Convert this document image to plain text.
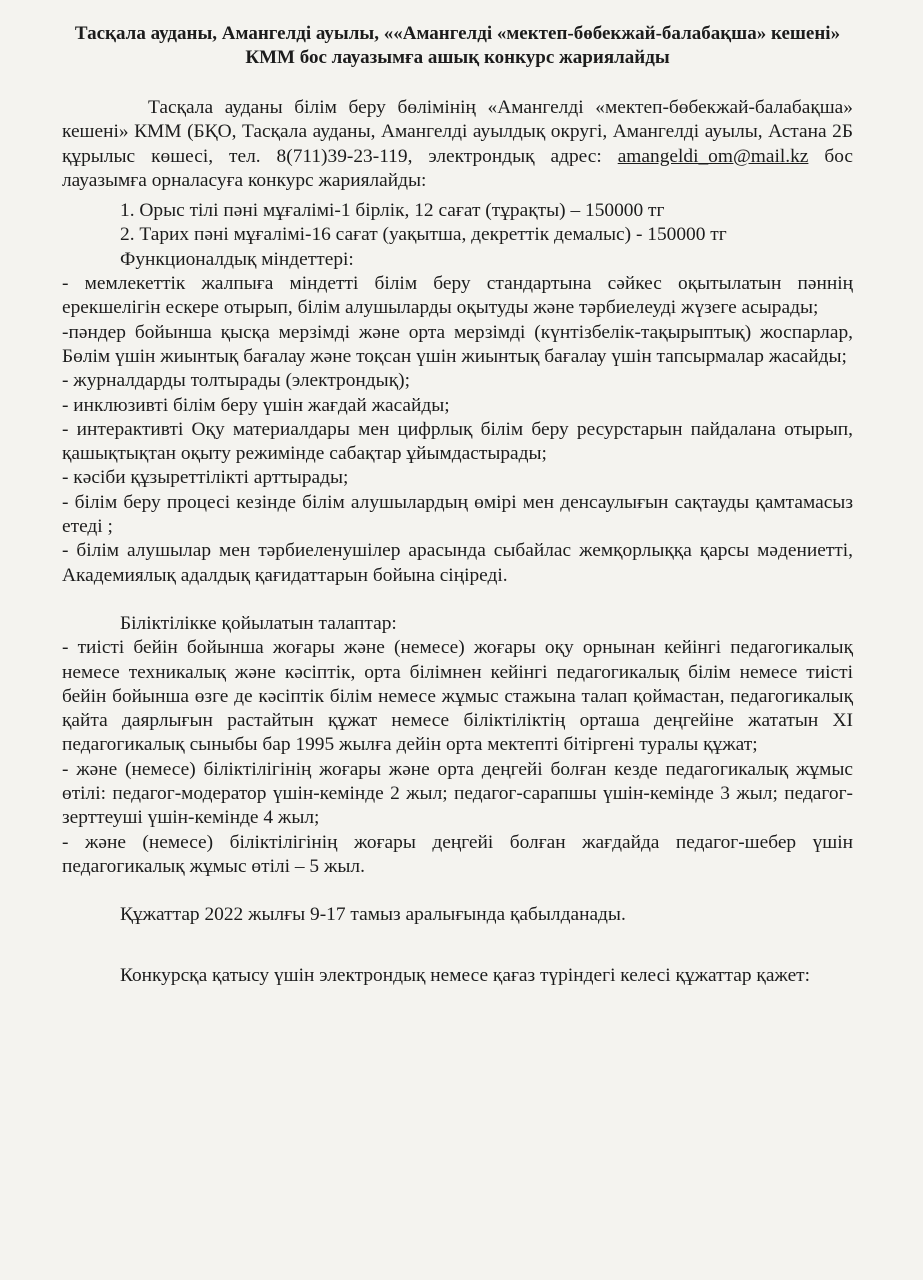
Тасқала ауданы, Амангелді ауылы, ««Амангелді «мектеп-бөбекжай-балабақша» кешені» КММ бос лауазымға ашық конкурс жариялайды

Тасқала ауданы білім беру бөлімінің «Амангелді «мектеп-бөбекжай-балабақша» кешені» КММ (БҚО, Тасқала ауданы, Амангелді ауылдық округі, Амангелді ауылы, Астана 2Б құрылыс көшесі, тел. 8(711)39-23-119, электрондық адрес: amangeldi_om@mail.kz бос лауазымға орналасуға конкурс жариялайды:

1. Орыс тілі пәні мұғалімі-1 бірлік, 12 сағат (тұрақты) – 150000 тг

2. Тарих пәні мұғалімі-16 сағат (уақытша, декреттік демалыс) - 150000 тг

Функционалдық міндеттері:

- мемлекеттік жалпыға міндетті білім беру стандартына сәйкес оқытылатын пәннің ерекшелігін ескере отырып, білім алушыларды оқытуды және тәрбиелеуді жүзеге асырады;

-пәндер бойынша қысқа мерзімді және орта мерзімді (күнтізбелік-тақырыптық) жоспарлар, Бөлім үшін жиынтық бағалау және тоқсан үшін жиынтық бағалау үшін тапсырмалар жасайды;

- журналдарды толтырады (электрондық);

- инклюзивті білім беру үшін жағдай жасайды;

- интерактивті Оқу материалдары мен цифрлық білім беру ресурстарын пайдалана отырып, қашықтықтан оқыту режимінде сабақтар ұйымдастырады;

- кәсіби құзыреттілікті арттырады;

- білім беру процесі кезінде білім алушылардың өмірі мен денсаулығын сақтауды қамтамасыз етеді ;

- білім алушылар мен тәрбиеленушілер арасында сыбайлас жемқорлыққа қарсы мәдениетті, Академиялық адалдық қағидаттарын бойына сіңіреді.

Біліктілікке қойылатын талаптар:

- тиісті бейін бойынша жоғары және (немесе) жоғары оқу орнынан кейінгі педагогикалық немесе техникалық және кәсіптік, орта білімнен кейінгі педагогикалық білім немесе тиісті бейін бойынша өзге де кәсіптік білім немесе жұмыс стажына талап қоймастан, педагогикалық қайта даярлығын растайтын құжат немесе біліктіліктің орташа деңгейіне жататын XI педагогикалық сыныбы бар 1995 жылға дейін орта мектепті бітіргені туралы құжат;

- және (немесе) біліктілігінің жоғары және орта деңгейі болған кезде педагогикалық жұмыс өтілі: педагог-модератор үшін-кемінде 2 жыл; педагог-сарапшы үшін-кемінде 3 жыл; педагог-зерттеуші үшін-кемінде 4 жыл;

- және (немесе) біліктілігінің жоғары деңгейі болған жағдайда педагог-шебер үшін педагогикалық жұмыс өтілі – 5 жыл.

Құжаттар 2022 жылғы 9-17 тамыз аралығында қабылданады.

Конкурсқа қатысу үшін электрондық немесе қағаз түріндегі келесі құжаттар қажет:
